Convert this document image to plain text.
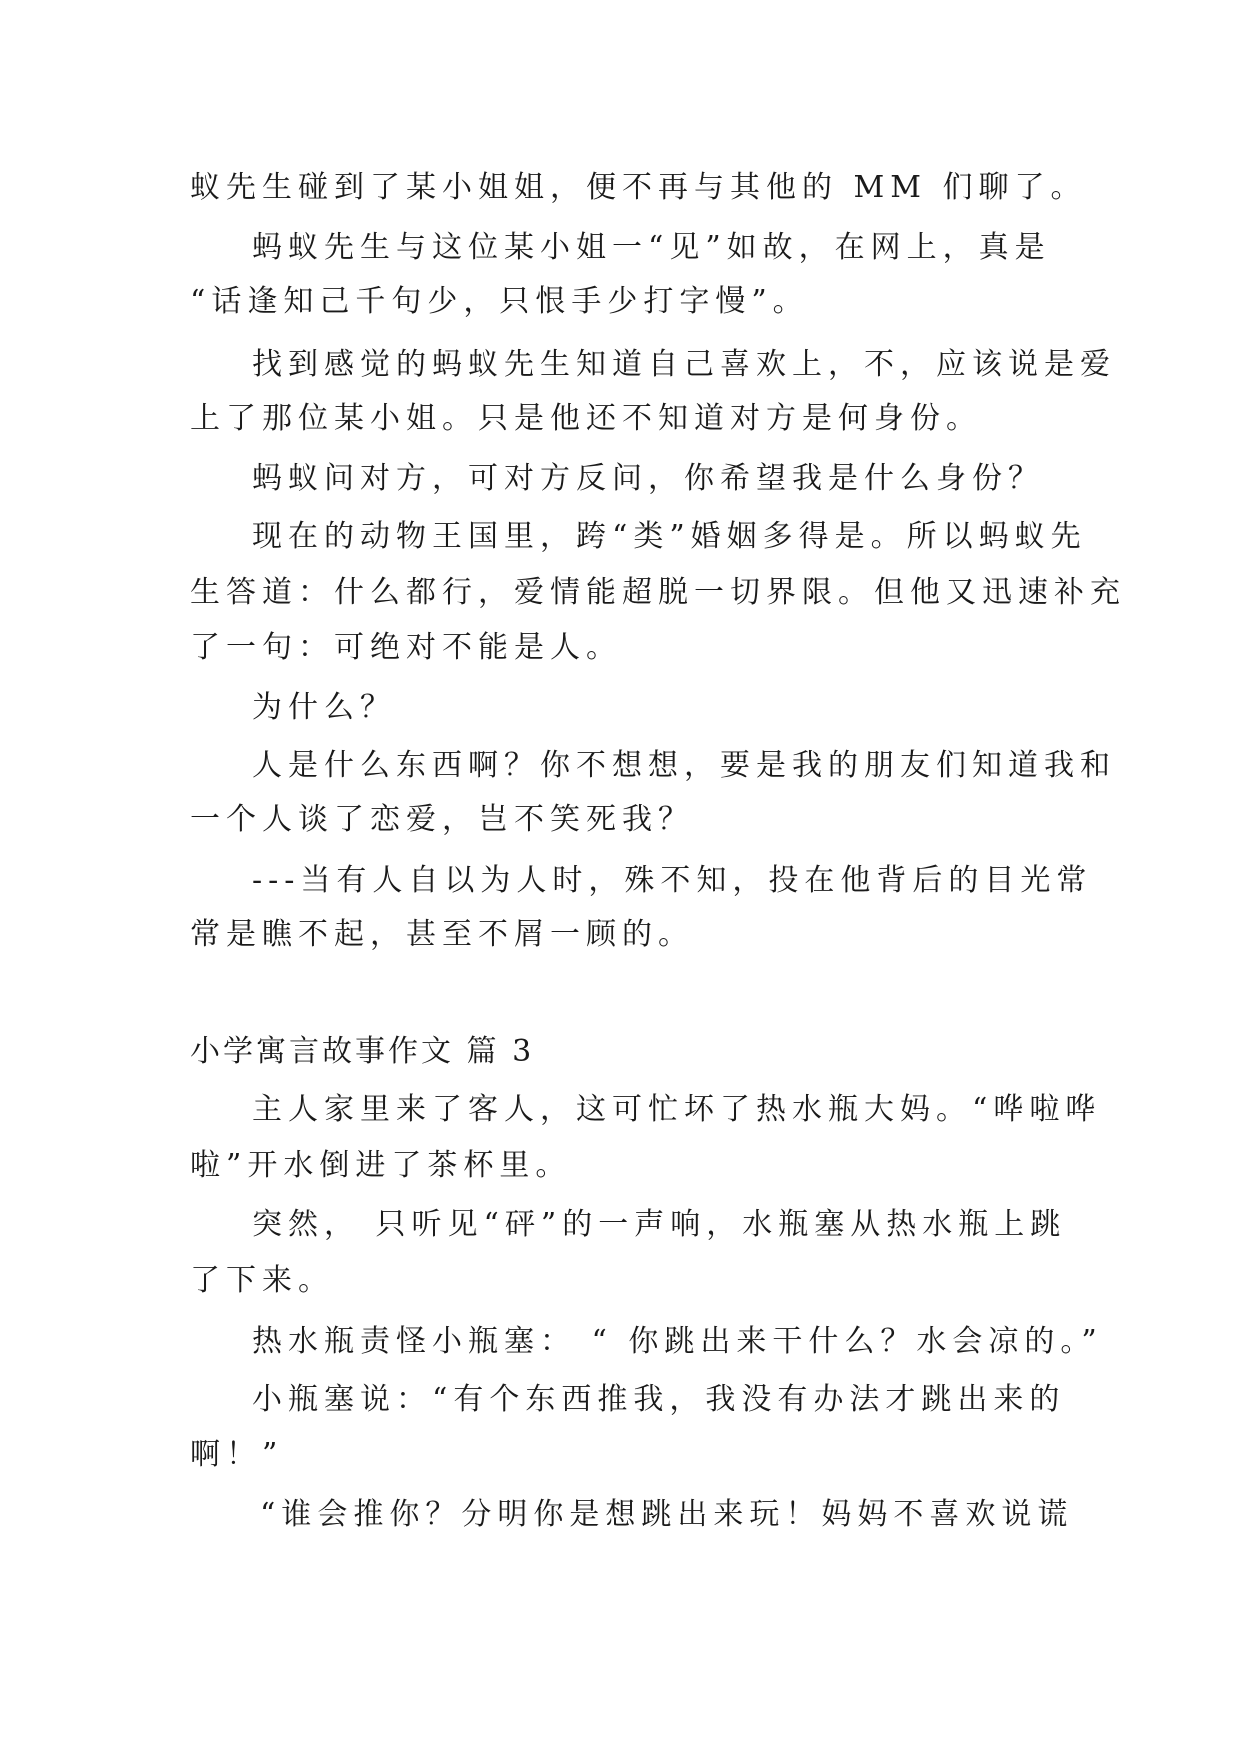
蚁先生碰到了某小姐姐，便不再与其他的 MM 们聊了。
蚂蚁先生与这位某小姐一“见”如故，在网上，真是
“话逢知己千句少，只恨手少打字慢”。
找到感觉的蚂蚁先生知道自己喜欢上，不，应该说是爱
上了那位某小姐。只是他还不知道对方是何身份。
蚂蚁问对方，可对方反问，你希望我是什么身份？
现在的动物王国里，跨“类”婚姻多得是。所以蚂蚁先
生答道：什么都行，爱情能超脱一切界限。但他又迅速补充
了一句：可绝对不能是人。
为什么？
人是什么东西啊？你不想想，要是我的朋友们知道我和
一个人谈了恋爱，岂不笑死我？
---当有人自以为人时，殊不知，投在他背后的目光常
常是瞧不起，甚至不屑一顾的。
小学寓言故事作文 篇 3
主人家里来了客人，这可忙坏了热水瓶大妈。“哗啦哗
啦”开水倒进了茶杯里。
突然， 只听见“砰”的一声响，水瓶塞从热水瓶上跳
了下来。
热水瓶责怪小瓶塞： “ 你跳出来干什么？水会凉的。”
小瓶塞说：“有个东西推我，我没有办法才跳出来的
啊！”
“谁会推你？分明你是想跳出来玩！妈妈不喜欢说谎
